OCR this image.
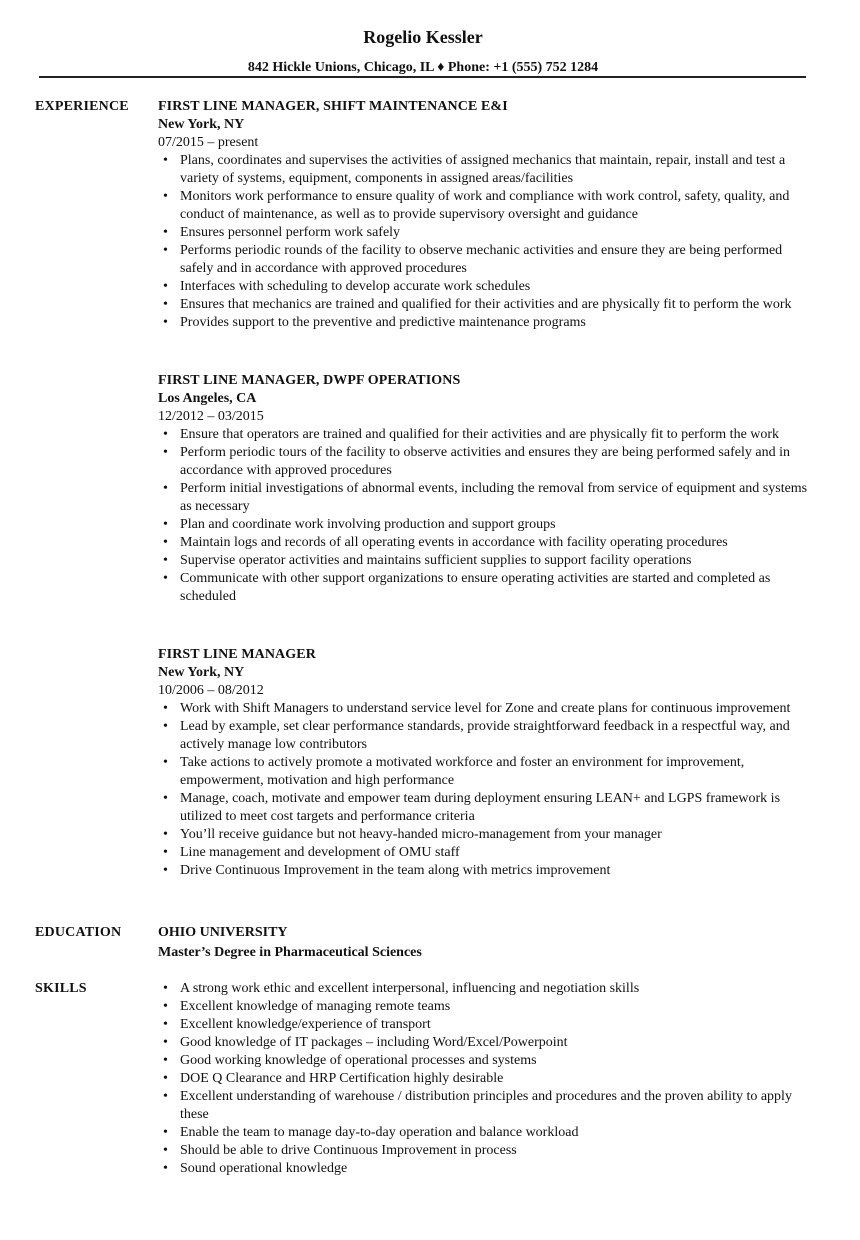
Rogelio Kessler
842 Hickle Unions, Chicago, IL ♦ Phone: +1 (555) 752 1284
EXPERIENCE FIRST LINE MANAGER, SHIFT MAINTENANCE E&I
New York, NY
07/2015 – present
• Plans, coordinates and supervises the activities of assigned mechanics that maintain, repair, install and test a variety of systems, equipment, components in assigned areas/facilities
• Monitors work performance to ensure quality of work and compliance with work control, safety, quality, and conduct of maintenance, as well as to provide supervisory oversight and guidance
• Ensures personnel perform work safely
• Performs periodic rounds of the facility to observe mechanic activities and ensure they are being performed safely and in accordance with approved procedures
• Interfaces with scheduling to develop accurate work schedules
• Ensures that mechanics are trained and qualified for their activities and are physically fit to perform the work
• Provides support to the preventive and predictive maintenance programs
FIRST LINE MANAGER, DWPF OPERATIONS
Los Angeles, CA
12/2012 – 03/2015
• Ensure that operators are trained and qualified for their activities and are physically fit to perform the work
• Perform periodic tours of the facility to observe activities and ensures they are being performed safely and in accordance with approved procedures
• Perform initial investigations of abnormal events, including the removal from service of equipment and systems as necessary
• Plan and coordinate work involving production and support groups
• Maintain logs and records of all operating events in accordance with facility operating procedures
• Supervise operator activities and maintains sufficient supplies to support facility operations
• Communicate with other support organizations to ensure operating activities are started and completed as scheduled
FIRST LINE MANAGER
New York, NY
10/2006 – 08/2012
• Work with Shift Managers to understand service level for Zone and create plans for continuous improvement
• Lead by example, set clear performance standards, provide straightforward feedback in a respectful way, and actively manage low contributors
• Take actions to actively promote a motivated workforce and foster an environment for improvement, empowerment, motivation and high performance
• Manage, coach, motivate and empower team during deployment ensuring LEAN+ and LGPS framework is utilized to meet cost targets and performance criteria
• You’ll receive guidance but not heavy-handed micro-management from your manager
• Line management and development of OMU staff
• Drive Continuous Improvement in the team along with metrics improvement
EDUCATION	OHIO UNIVERSITY
Master’s Degree in Pharmaceutical Sciences
SKILLS	• A strong work ethic and excellent interpersonal, influencing and negotiation skills
• Excellent knowledge of managing remote teams
• Excellent knowledge/experience of transport
• Good knowledge of IT packages – including Word/Excel/Powerpoint
• Good working knowledge of operational processes and systems
• DOE Q Clearance and HRP Certification highly desirable
• Excellent understanding of warehouse / distribution principles and procedures and the proven ability to apply these
• Enable the team to manage day-to-day operation and balance workload
• Should be able to drive Continuous Improvement in process
• Sound operational knowledge
